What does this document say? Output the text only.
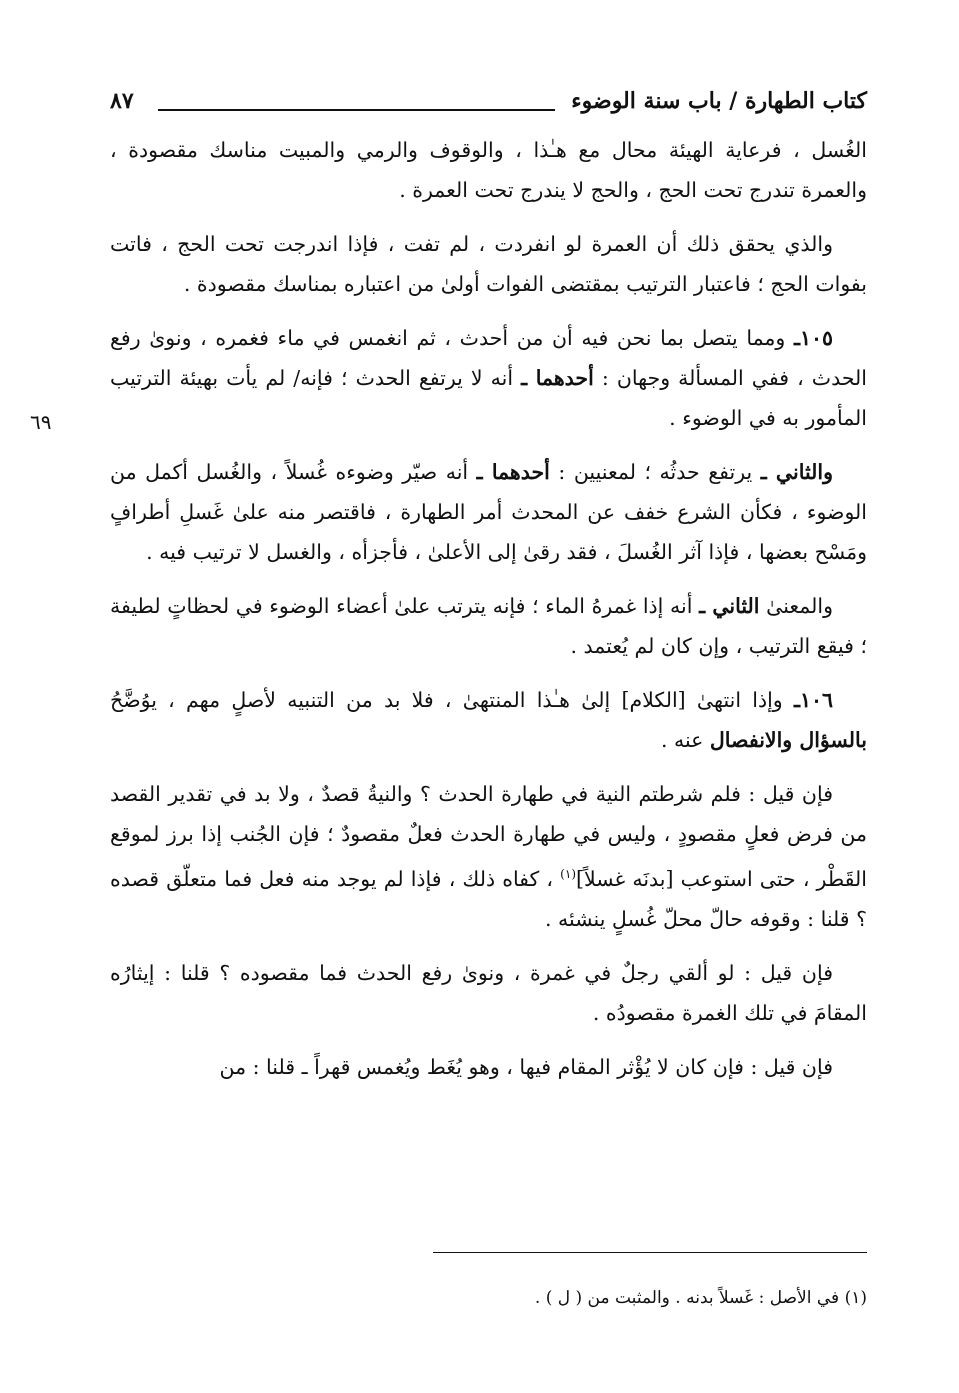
كتاب الطهارة / باب سنة الوضوء
٨٧
٦٩

الغُسل ، فرعاية الهيئة محال مع هـٰذا ، والوقوف والرمي والمبيت مناسك مقصودة ، والعمرة تندرج تحت الحج ، والحج لا يندرج تحت العمرة .

والذي يحقق ذلك أن العمرة لو انفردت ، لم تفت ، فإذا اندرجت تحت الحج ، فاتت بفوات الحج ؛ فاعتبار الترتيب بمقتضى الفوات أولىٰ من اعتباره بمناسك مقصودة .

١٠٥ـ ومما يتصل بما نحن فيه أن من أحدث ، ثم انغمس في ماء فغمره ، ونوىٰ رفع الحدث ، ففي المسألة وجهان : أحدهما ـ أنه لا يرتفع الحدث ؛ فإنه/ لم يأت بهيئة الترتيب المأمور به في الوضوء .

والثاني ـ يرتفع حدثُه ؛ لمعنيين : أحدهما ـ أنه صيّر وضوءه غُسلاً ، والغُسل أكمل من الوضوء ، فكأن الشرع خفف عن المحدث أمر الطهارة ، فاقتصر منه علىٰ غَسلِ أطرافٍ ومَسْح بعضها ، فإذا آثر الغُسلَ ، فقد رقىٰ إلى الأعلىٰ ، فأجزأه ، والغسل لا ترتيب فيه .

والمعنىٰ الثاني ـ أنه إذا غمرهُ الماء ؛ فإنه يترتب علىٰ أعضاء الوضوء في لحظاتٍ لطيفة ؛ فيقع الترتيب ، وإن كان لم يُعتمد .

١٠٦ـ وإذا انتهىٰ [الكلام] إلىٰ هـٰذا المنتهىٰ ، فلا بد من التنبيه لأصلٍ مهم ، يوُضَّحُ بالسؤال والانفصال عنه .

فإن قيل : فلم شرطتم النية في طهارة الحدث ؟ والنيةُ قصدٌ ، ولا بد في تقدير القصد من فرض فعلٍ مقصودٍ ، وليس في طهارة الحدث فعلٌ مقصودٌ ؛ فإن الجُنب إذا برز لموقع القَطْر ، حتى استوعب [بدنَه غسلاً]$^{(١)}$ ، كفاه ذلك ، فإذا لم يوجد منه فعل فما متعلّق قصده ؟ قلنا : وقوفه حالّ محلّ غُسلٍ ينشئه .

فإن قيل : لو ألقي رجلٌ في غمرة ، ونوىٰ رفع الحدث فما مقصوده ؟ قلنا : إيثارُه المقامَ في تلك الغمرة مقصودُه .

فإن قيل : فإن كان لا يُؤْثر المقام فيها ، وهو يُغَط ويُغمس قهراً ـ قلنا : من

(١) في الأصل : غَسلاً بدنه . والمثبت من ( ل ) .
